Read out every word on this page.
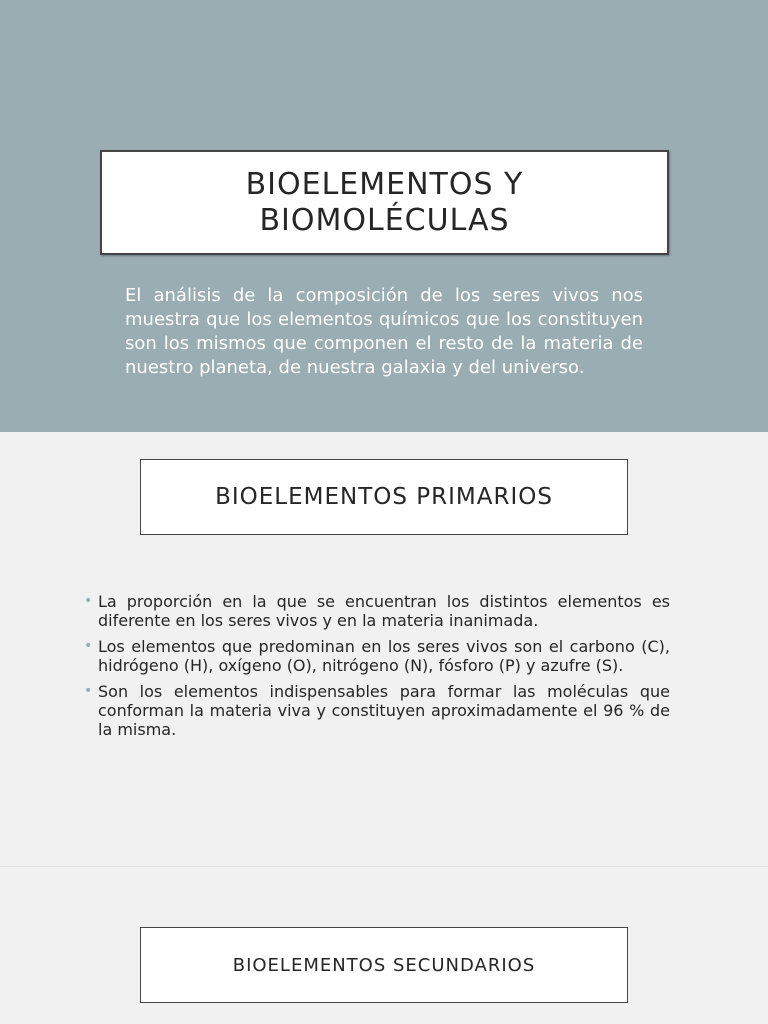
BIOELEMENTOS Y BIOMOLÉCULAS

El análisis de la composición de los seres vivos nos muestra que los elementos químicos que los constituyen son los mismos que componen el resto de la materia de nuestro planeta, de nuestra galaxia y del universo.

BIOELEMENTOS PRIMARIOS
• La proporción en la que se encuentran los distintos elementos es diferente en los seres vivos y en la materia inanimada.
• Los elementos que predominan en los seres vivos son el carbono (C), hidrógeno (H), oxígeno (O), nitrógeno (N), fósforo (P) y azufre (S).
• Son los elementos indispensables para formar las moléculas que conforman la materia viva y constituyen aproximadamente el 96 % de la misma.
BIOELEMENTOS SECUNDARIOS
